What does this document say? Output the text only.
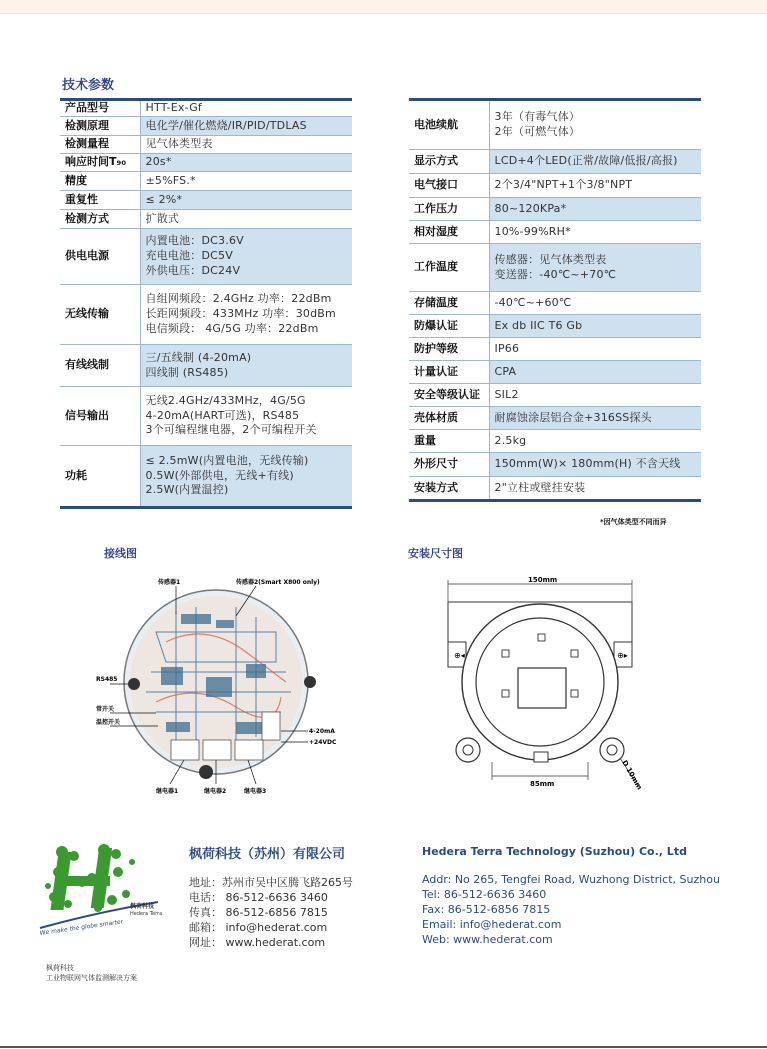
技术参数
产品型号	HTT-Ex-Gf

检测原理	电化学/催化燃烧/IR/PID/TDLAS

检测量程	见气体类型表

响应时间T₉₀	20s*

精度	±5%FS.*

重复性	≤ 2%*

检测方式	扩散式

供电电源	内置电池：DC3.6V
充电电池：DC5V
外供电压：DC24V

无线传输	自组网频段：2.4GHz 功率：22dBm
长距网频段：433MHz 功率：30dBm
电信频段： 4G/5G 功率：22dBm

有线线制	三/五线制 (4-20mA)
四线制 (RS485)

信号输出	无线2.4GHz/433MHz，4G/5G
4-20mA(HART可选)，RS485
3个可编程继电器，2个可编程开关

功耗	≤ 2.5mW(内置电池，无线传输)
0.5W(外部供电，无线+有线)
2.5W(内置温控)
电池续航	3年（有毒气体）
2年（可燃气体）

显示方式	LCD+4个LED(正常/故障/低报/高报)

电气接口	2个3/4"NPT+1个3/8"NPT

工作压力	80~120KPa*

相对湿度	10%-99%RH*

工作温度	传感器：见气体类型表
变送器：-40℃~+70℃

存储温度	-40℃~+60℃

防爆认证	Ex db IIC T6 Gb

防护等级	IP66

计量认证	CPA

安全等级认证	SIL2

壳体材质	耐腐蚀涂层铝合金+316SS探头

重量	2.5kg

外形尺寸	150mm(W)× 180mm(H) 不含天线

安装方式	2"立柱或壁挂安装
*因气体类型不同而异
接线图
传感器1	传感器2(Smart X800 only)
RS485
常开关
温控开关
4-20mA
+24VDC
继电器1	继电器2	继电器3
安装尺寸图
150mm
⊕◂	⊕▸
85mm	D 10mm
枫荷科技
Hedera Terra
We make the globe smarter
枫荷科技（苏州）有限公司	Hedera Terra Technology (Suzhou) Co., Ltd
地址：苏州市吴中区腾飞路265号
电话： 86-512-6636 3460
传真： 86-512-6856 7815
邮箱： info@hederat.com
网址： www.hederat.com
Addr: No 265, Tengfei Road, Wuzhong District, Suzhou
Tel: 86-512-6636 3460
Fax: 86-512-6856 7815
Email: info@hederat.com
Web: www.hederat.com
枫荷科技
工业物联网气体监测解决方案
